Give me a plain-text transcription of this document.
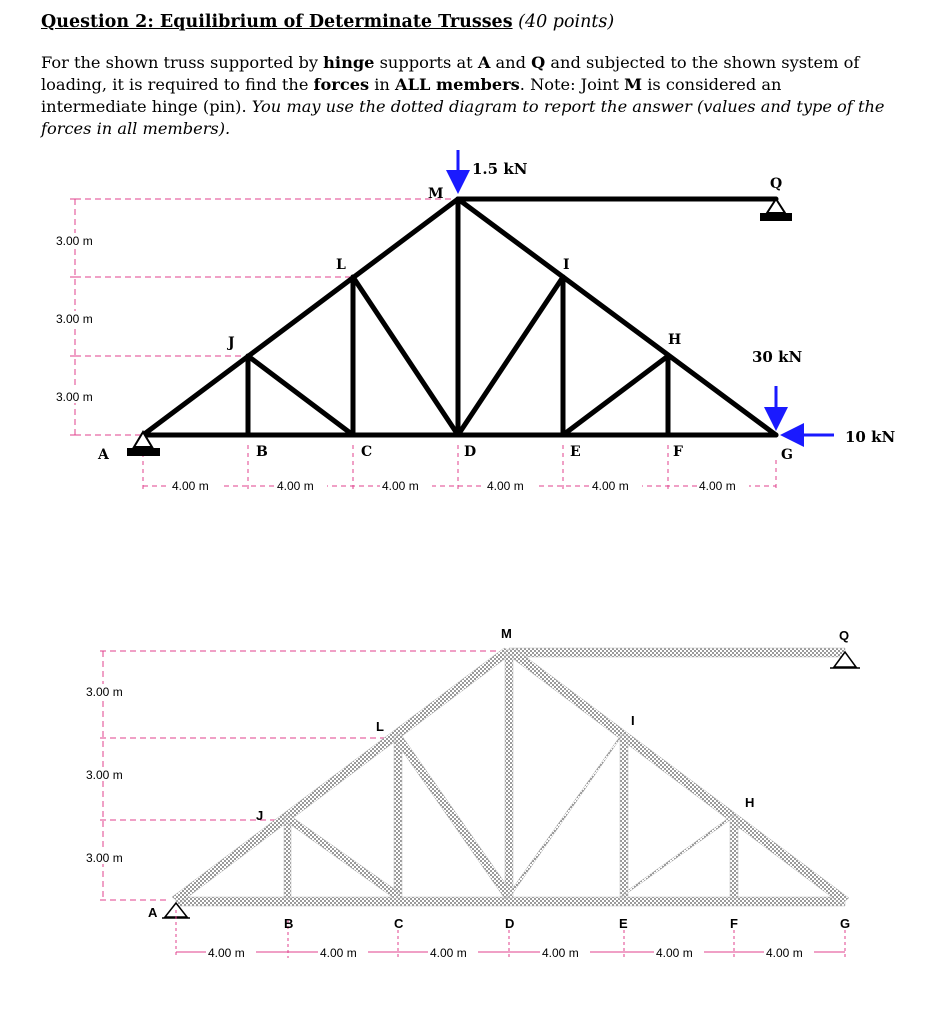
Question 2: Equilibrium of Determinate Trusses (40 points)
For the shown truss supported by hinge supports at A and Q and subjected to the shown system of loading, it is required to find the forces in ALL members. Note: Joint M is considered an intermediate hinge (pin). You may use the dotted diagram to report the answer (values and type of the forces in all members).
3.00 m
3.00 m
3.00 m
4.00 m	4.00 m	4.00 m	4.00 m	4.00 m	4.00 m
1.5 kN
30 kN
10 kN
A	B	C	D	E	F	G
H
I
J
L
M
Q
3.00 m
3.00 m
3.00 m
4.00 m	4.00 m	4.00 m	4.00 m	4.00 m	4.00 m
A
B	C	D	E	F	G
H
I
J
L
M	Q
